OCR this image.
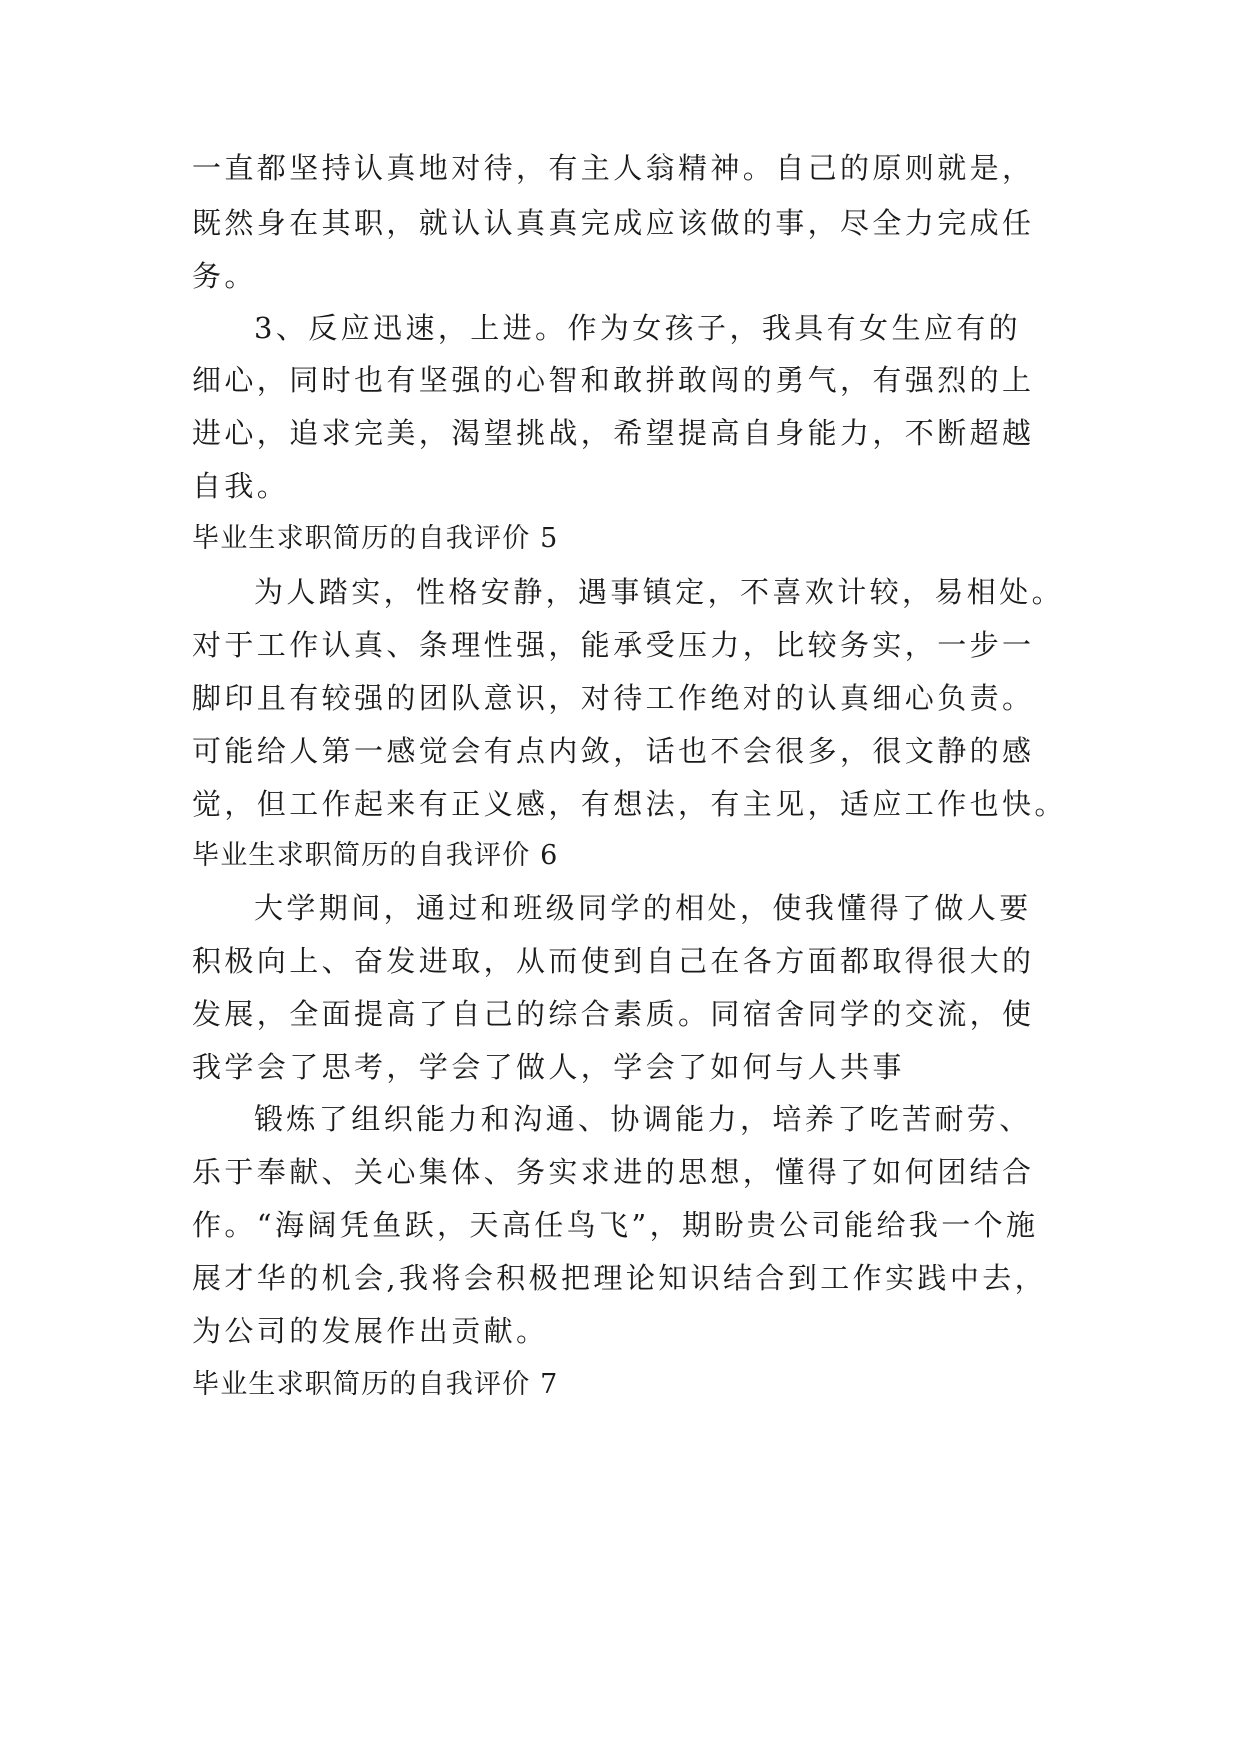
一直都坚持认真地对待，有主人翁精神。自己的原则就是，
既然身在其职，就认认真真完成应该做的事，尽全力完成任
务。
3、反应迅速，上进。作为女孩子，我具有女生应有的
细心，同时也有坚强的心智和敢拼敢闯的勇气，有强烈的上
进心，追求完美，渴望挑战，希望提高自身能力，不断超越
自我。
毕业生求职简历的自我评价 5
为人踏实，性格安静，遇事镇定，不喜欢计较，易相处。
对于工作认真、条理性强，能承受压力，比较务实，一步一
脚印且有较强的团队意识，对待工作绝对的认真细心负责。
可能给人第一感觉会有点内敛，话也不会很多，很文静的感
觉，但工作起来有正义感，有想法，有主见，适应工作也快。
毕业生求职简历的自我评价 6
大学期间，通过和班级同学的相处，使我懂得了做人要
积极向上、奋发进取，从而使到自己在各方面都取得很大的
发展，全面提高了自己的综合素质。同宿舍同学的交流，使
我学会了思考，学会了做人，学会了如何与人共事
锻炼了组织能力和沟通、协调能力，培养了吃苦耐劳、
乐于奉献、关心集体、务实求进的思想，懂得了如何团结合
作。“海阔凭鱼跃，天高任鸟飞”，期盼贵公司能给我一个施
展才华的机会,我将会积极把理论知识结合到工作实践中去，
为公司的发展作出贡献。
毕业生求职简历的自我评价 7
